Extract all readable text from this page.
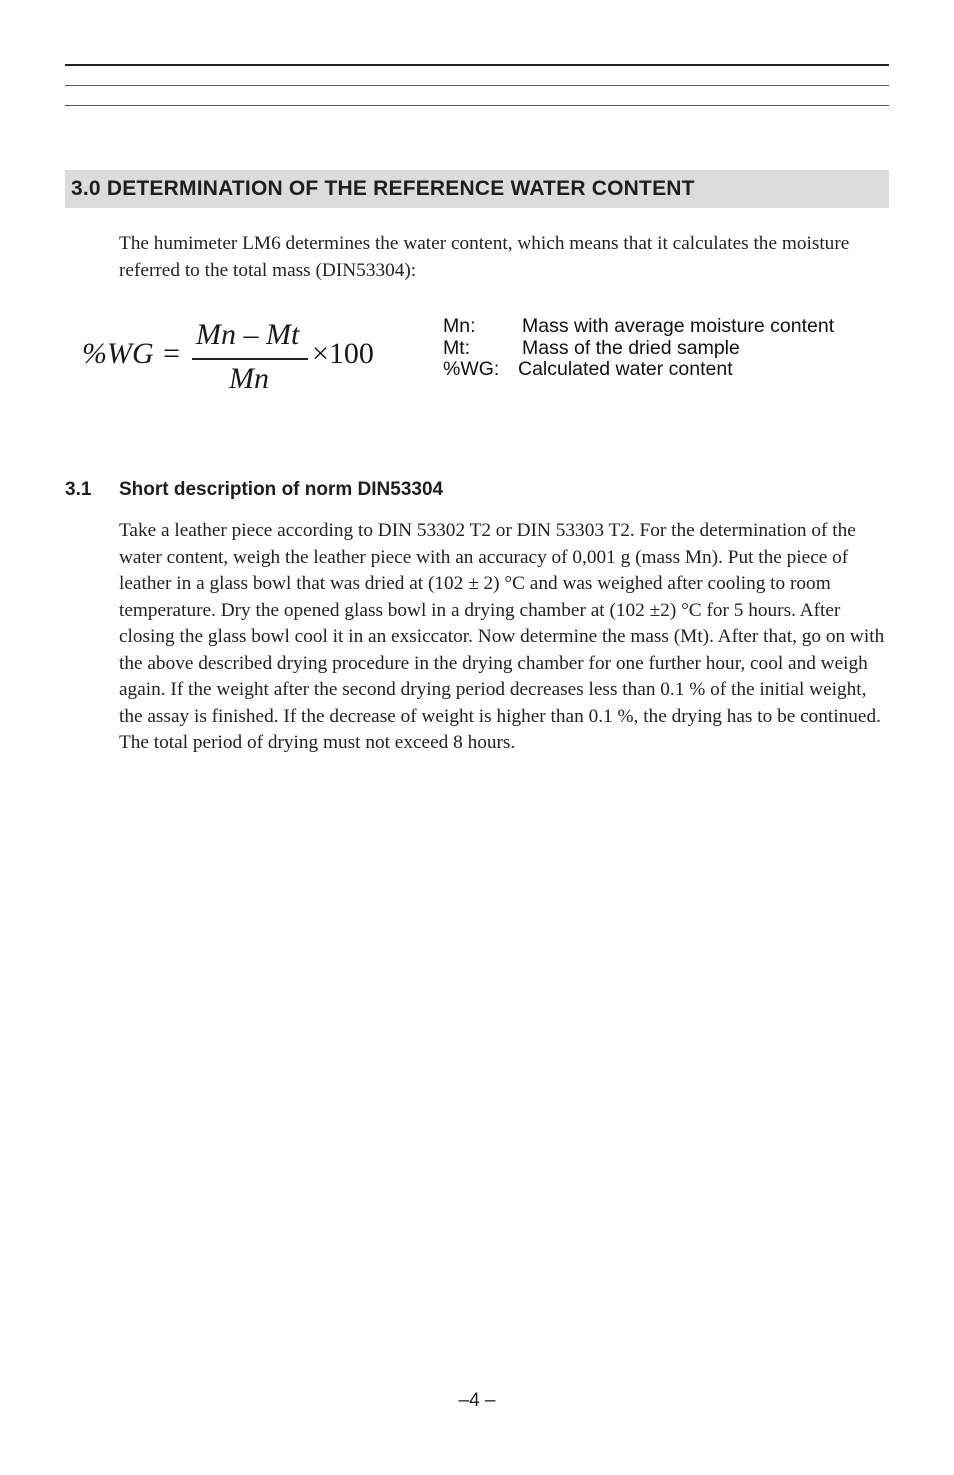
3.0 DETERMINATION OF THE REFERENCE WATER CONTENT

The humimeter LM6 determines the water content, which means that it calculates the moisture referred to the total mass (DIN53304):

%WG =
Mn – Mt
Mn
×100
Mn: Mass with average moisture content
Mt:	Mass of the dried sample
%WG: Calculated water content
3.1 Short description of norm DIN53304

Take a leather piece according to DIN 53302 T2 or DIN 53303 T2. For the determination of the water content, weigh the leather piece with an accuracy of 0,001 g (mass Mn). Put the piece of leather in a glass bowl that was dried at (102 ± 2) °C and was weighed after cooling to room temperature. Dry the opened glass bowl in a drying chamber at (102 ±2) °C for 5 hours. After closing the glass bowl cool it in an exsiccator. Now determine the mass (Mt). After that, go on with the above described drying procedure in the drying chamber for one further hour, cool and weigh again. If the weight after the second drying period decreases less than 0.1 % of the initial weight, the assay is finished. If the decrease of weight is higher than 0.1 %, the drying has to be continued. The total period of drying must not exceed 8 hours.

–4 –
